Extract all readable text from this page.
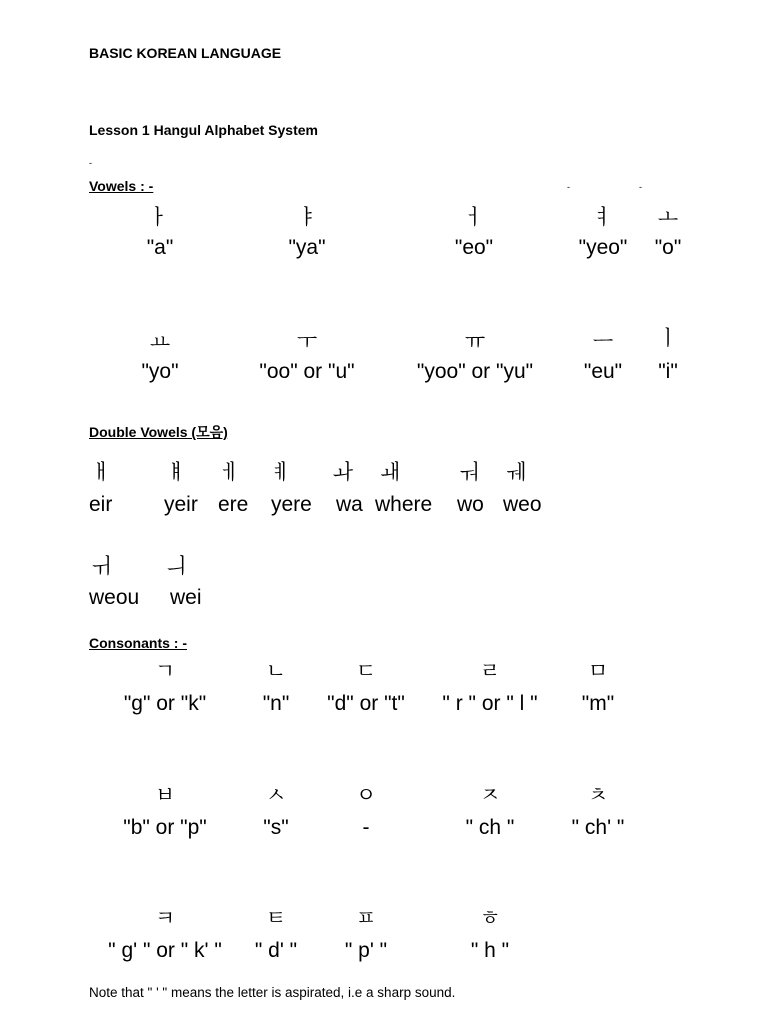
BASIC KOREAN LANGUAGE
Lesson 1 Hangul Alphabet System
-
-	-
Vowels : -
ㅏ
"a"
ㅑ
"ya"
ㅓ
"eo"
ㅕ
"yeo"
ㅗ
"o"
ㅛ
"yo"
ㅜ
"oo" or "u"
ㅠ
"yoo" or "yu"
ㅡ
"eu"
ㅣ
"i"
Double Vowels (모음)
ㅐ
eir
ㅒ
yeir
ㅔ
ere
ㅖ
yere
ㅘ
wa
ㅙ
where
ㅝ
wo
ㅞ
weo
ㅟ
weou
ㅢ
wei
Consonants : -
ㄱ
"g" or "k"
ㄴ
"n"
ㄷ
"d" or "t"
ㄹ
" r " or " l "
ㅁ
"m"
ㅂ
"b" or "p"
ㅅ
"s"
ㅇ
-
ㅈ
" ch "
ㅊ
" ch' "
ㅋ
" g' " or " k' "
ㅌ
" d' "
ㅍ
" p' "
ㅎ
" h "
Note that " ' " means the letter is aspirated, i.e a sharp sound.
